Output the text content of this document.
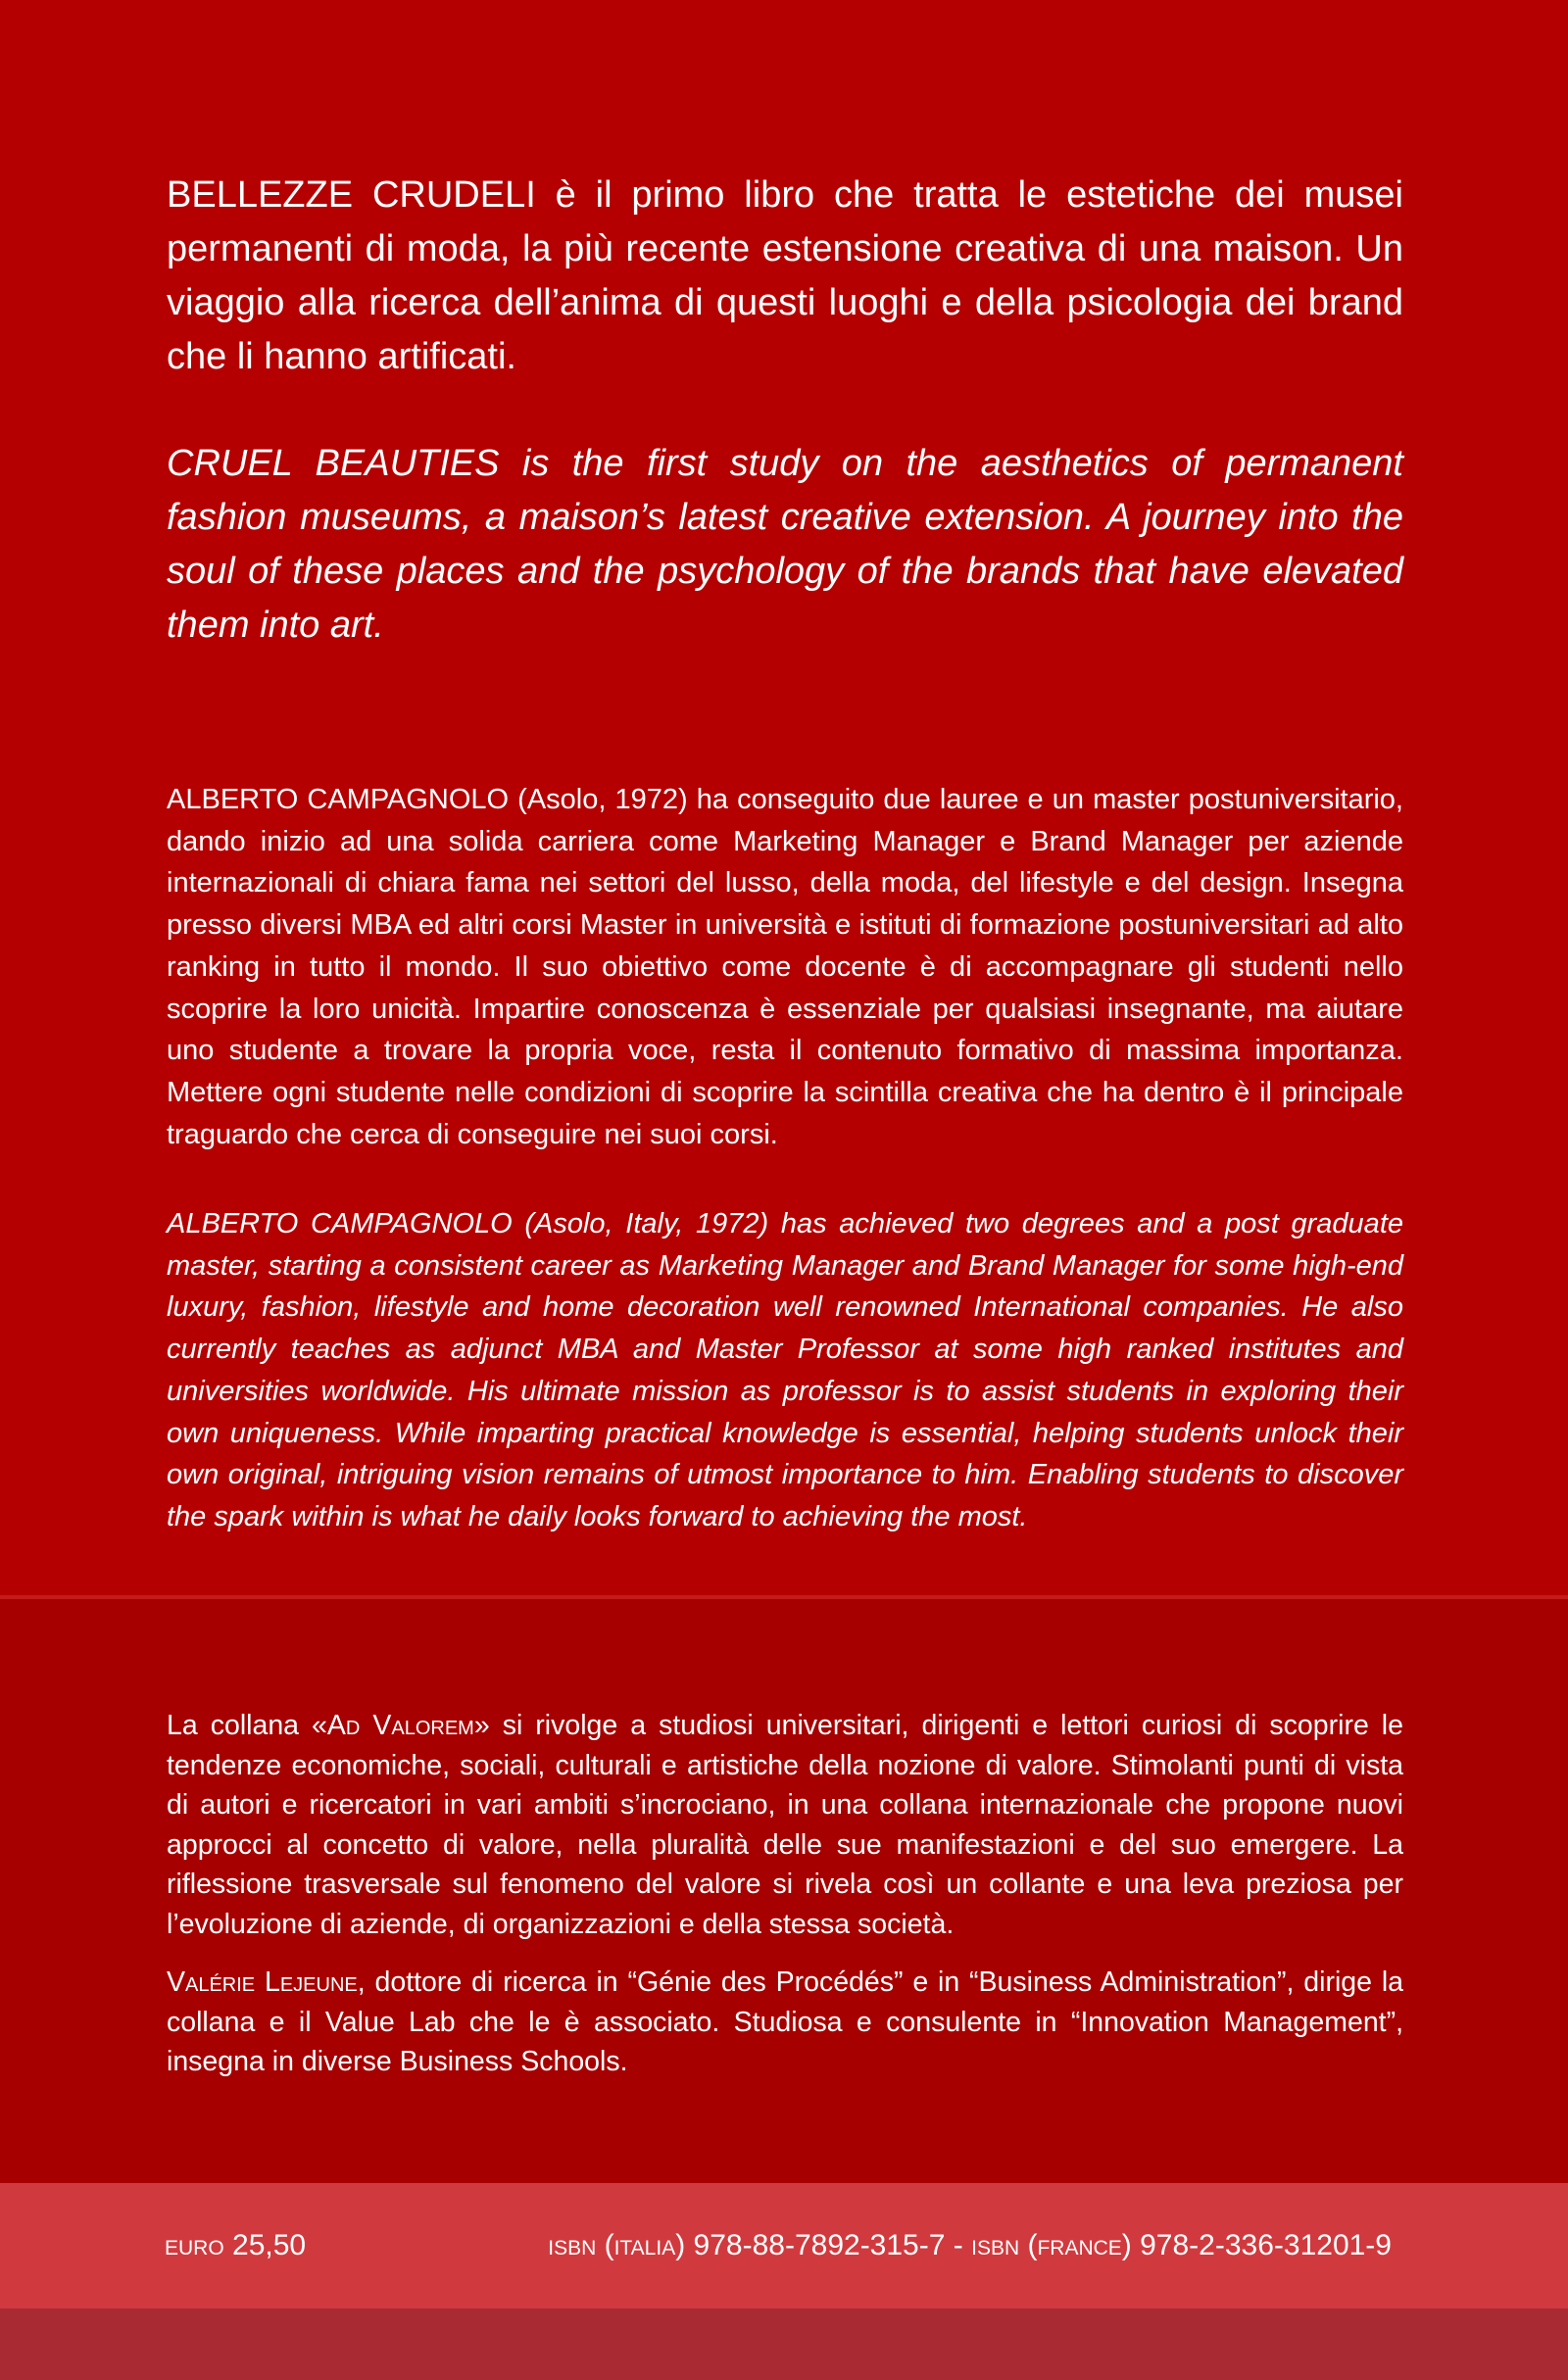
BELLEZZE CRUDELI è il primo libro che tratta le estetiche dei musei permanenti di moda, la più recente estensione creativa di una maison. Un viaggio alla ricerca dell’anima di questi luoghi e della psicologia dei brand che li hanno artificati.

CRUEL BEAUTIES is the first study on the aesthetics of permanent fashion museums, a maison’s latest creative extension. A journey into the soul of these places and the psychology of the brands that have elevated them into art.

ALBERTO CAMPAGNOLO (Asolo, 1972) ha conseguito due lauree e un master postuniversitario, dando inizio ad una solida carriera come Marketing Manager e Brand Manager per aziende internazionali di chiara fama nei settori del lusso, della moda, del lifestyle e del design. Insegna presso diversi MBA ed altri corsi Master in università e istituti di formazione postuniversitari ad alto ranking in tutto il mondo. Il suo obiettivo come docente è di accompagnare gli studenti nello scoprire la loro unicità. Impartire conoscenza è essenziale per qualsiasi insegnante, ma aiutare uno studente a trovare la propria voce, resta il contenuto formativo di massima importanza. Mettere ogni studente nelle condizioni di scoprire la scintilla creativa che ha dentro è il principale traguardo che cerca di conseguire nei suoi corsi.

ALBERTO CAMPAGNOLO (Asolo, Italy, 1972) has achieved two degrees and a post graduate master, starting a consistent career as Marketing Manager and Brand Manager for some high-end luxury, fashion, lifestyle and home decoration well renowned International companies. He also currently teaches as adjunct MBA and Master Professor at some high ranked institutes and universities worldwide. His ultimate mission as professor is to assist students in exploring their own uniqueness. While imparting practical knowledge is essential, helping students unlock their own original, intriguing vision remains of utmost importance to him. Enabling students to discover the spark within is what he daily looks forward to achieving the most.

La collana «Ad Valorem» si rivolge a studiosi universitari, dirigenti e lettori curiosi di scoprire le tendenze economiche, sociali, culturali e artistiche della nozione di valore. Stimolanti punti di vista di autori e ricercatori in vari ambiti s’incrociano, in una collana internazionale che propone nuovi approcci al concetto di valore, nella pluralità delle sue manifestazioni e del suo emergere. La riflessione trasversale sul fenomeno del valore si rivela così un collante e una leva preziosa per l’evoluzione di aziende, di organizzazioni e della stessa società.

Valérie Lejeune, dottore di ricerca in “Génie des Procédés” e in “Business Administration”, dirige la collana e il Value Lab che le è associato. Studiosa e consulente in “Innovation Management”, insegna in diverse Business Schools.

euro 25,50	isbn (italia) 978-88-7892-315-7 - isbn (france) 978-2-336-31201-9
